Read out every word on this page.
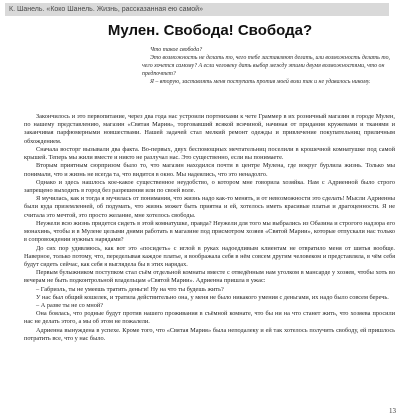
К. Шанель. «Коко Шанель. Жизнь, рассказанная ею самой»
Мулен. Свобода! Свобода?

Что такое свобода?

Это возможность не делать то, чего тебе заставляют делать, или возможность делать то, чего хочется самому? А если человеку дать выбор между этими двумя возможностями, что он предпочтет?

Я – вторую, заставлять меня поступать против моей воли так и не удавалось никому.

Закончилось и это первопитание, через два года нас устроили портнихами к чете Граммер в их розничный магазин в городе Мулен, по нашему представлению, магазин «Святая Мария», торговавший всякой всячиной, начиная от придания кружевами и тканями и заканчивая парфюмерными новшествами. Нашей задачей стал мелкий ремонт одежды и привлечение покупательниц приличным обхождением.

Сначала восторг вызывали два факта. Во-первых, двух беспомощных мечтательниц поселили в крошечной комнатушке под самой крышей. Теперь мы жили вместе и никто не разлучал нас. Это существенно, если вы понимаете.

Вторым приятным сюрпризом было то, что магазин находился почти в центре Мулена, где вокруг бурлила жизнь. Только мы понимали, что и жизнь не всегда та, что видится в окно. Мы надеялись, что это ненадолго.

Однако и здесь нашлось кое-какое существенное неудобство, о котором мне говорила хозяйка. Нам с Адриенной было строго запрещено выходить в город без разрешения или по своей воле.

Я мучилась, как и тогда я мучилась от понимания, что жизнь надо как-то менять, и от невозможности это сделать! Мысли Адриенны были куда приземленней, об подумать, что жизнь может быть приятна и ей, хотелось иметь красивые платья и драгоценности. Я не считала это мечтой, это просто желание, мне хотелось свободы.

Неужели всю жизнь придется сидеть в этой комнатушке, правда? Неужели для того мы выбрались из Обазина и строгого надзора его монахинь, чтобы и в Мулене целыми днями работать в магазине под присмотром хозяев «Святой Марии», которые отпускали нас только в сопровождении нужных нарядами?

До сих пор удивляюсь, как вот это «посидеть» с иглой в руках надоедливым клиентам не отвратило меня от шитья вообще. Наверное, только потому, что, переделывая каждое платье, я воображала себя в нём совсем другим человеком и представляла, в чём себя будут сидеть сейчас, как себя я выглядела бы в этих нарядах.

Первым булыжником поступком стал съём отдельной комнаты вместе с отведённым нам уголком в мансарде у хозяев, чтобы хоть во вечерам не быть подконтрольной владельцам «Святой Марии». Адриенна пришла в ужас:

– Габриэль, ты не умеешь тратить деньги! Ну на что ты будешь жить?

У нас был общий кошелек, и тратила действительно она, у меня не было никакого умения с деньгами, их надо было совсем беречь.

– А разве ты не со мной?

Она боялась, что родные будут против нашего проживания в съёмной комнате, что бы ни на что станет жить, что хозяева просили нас не делать этого, а мы об этом не пожалели.

Адриенна вынуждена в успехе. Кроме того, что «Святая Мария» была неподалеку и ей так хотелось получить свободу, ей пришлось потратить все, что у нас было.

13
